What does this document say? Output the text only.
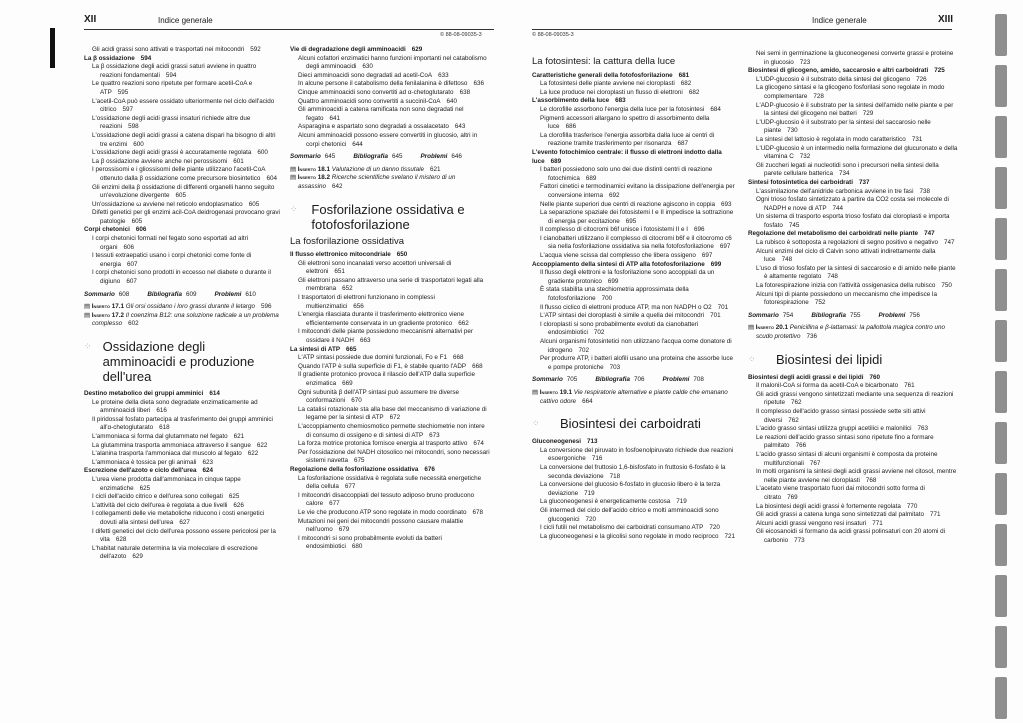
XII	Indice generale
© 88-08-09035-3
Gli acidi grassi sono attivati e trasportati nei mitocondri 592
La β ossidazione 594
La β ossidazione degli acidi grassi saturi avviene in quattro reazioni fondamentali 594
Le quattro reazioni sono ripetute per formare acetil-CoA e ATP 595
L'acetil-CoA può essere ossidato ulteriormente nel ciclo dell'acido citrico 597
L'ossidazione degli acidi grassi insaturi richiede altre due reazioni 598
L'ossidazione degli acidi grassi a catena dispari ha bisogno di altri tre enzimi 600
L'ossidazione degli acidi grassi è accuratamente regolata 600
La β ossidazione avviene anche nei perossisomi 601
I perossisomi e i gliossisomi delle piante utilizzano l'acetil-CoA ottenuto dalla β ossidazione come precursore biosintetico 604
Gli enzimi della β ossidazione di differenti organelli hanno seguito un'evoluzione divergente 605
Un'ossidazione ω avviene nel reticolo endoplasmatico 605
Difetti genetici per gli enzimi acil-CoA deidrogenasi provocano gravi patologie 605
Corpi chetonici 606
I corpi chetonici formati nel fegato sono esportati ad altri organi 606
I tessuti extraepatici usano i corpi chetonici come fonte di energia 607
I corpi chetonici sono prodotti in eccesso nel diabete o durante il digiuno 607
Sommario 608	Bibliografia 609	Problemi 610
▤ Inserto 17.1 Gli orsi ossidano i loro grassi durante il letargo 596
▤ Inserto 17.2 Il coenzima B12: una soluzione radicale a un problema complesso 602
⁘ Ossidazione degli amminoacidi e produzione dell'urea
Destino metabolico dei gruppi amminici 614
Le proteine della dieta sono degradate enzimaticamente ad amminoacidi liberi 616
Il piridossal fosfato partecipa al trasferimento dei gruppi amminici all'α-chetoglutarato 618
L'ammoniaca si forma dal glutammato nel fegato 621
La glutammina trasporta ammoniaca attraverso il sangue 622
L'alanina trasporta l'ammoniaca dal muscolo al fegato 622
L'ammoniaca è tossica per gli animali 623
Escrezione dell'azoto e ciclo dell'urea 624
L'urea viene prodotta dall'ammoniaca in cinque tappe enzimatiche 625
I cicli dell'acido citrico e dell'urea sono collegati 625
L'attività del ciclo dell'urea è regolata a due livelli 626
I collegamenti delle vie metaboliche riducono i costi energetici dovuti alla sintesi dell'urea 627
I difetti genetici del ciclo dell'urea possono essere pericolosi per la vita 628
L'habitat naturale determina la via molecolare di escrezione dell'azoto 629
Vie di degradazione degli amminoacidi 629
Alcuni cofattori enzimatici hanno funzioni importanti nel catabolismo degli amminoacidi 630
Dieci amminoacidi sono degradati ad acetil-CoA 633
In alcune persone il catabolismo della fenilalanina è difettoso 636
Cinque amminoacidi sono convertiti ad α-chetoglutarato 638
Quattro amminoacidi sono convertiti a succinil-CoA 640
Gli amminoacidi a catena ramificata non sono degradati nel fegato 641
Asparagina e aspartato sono degradati a ossalacetato 643
Alcuni amminoacidi possono essere convertiti in glucosio, altri in corpi chetonici 644
Sommario 645	Bibliografia 645	Problemi 646
▤ Inserto 18.1 Valutazione di un danno tissutale 621
▤ Inserto 18.2 Ricerche scientifiche svelano il mistero di un assassino 642
⁘	Fosforilazione ossidativa e fotofosforilazione
La fosforilazione ossidativa
Il flusso elettronico mitocondriale 650
Gli elettroni sono incanalati verso accettori universali di elettroni 651
Gli elettroni passano attraverso una serie di trasportatori legati alla membrana 652
I trasportatori di elettroni funzionano in complessi multienzimatici 656
L'energia rilasciata durante il trasferimento elettronico viene efficientemente conservata in un gradiente protonico 662
I mitocondri delle piante possiedono meccanismi alternativi per ossidare il NADH 663
La sintesi di ATP 665
L'ATP sintasi possiede due domini funzionali, Fo e F1 668
Quando l'ATP è sulla superficie di F1, è stabile quanto l'ADP 668
Il gradiente protonico provoca il rilascio dell'ATP dalla superficie enzimatica 669
Ogni subunità β dell'ATP sintasi può assumere tre diverse conformazioni 670
La catalisi rotazionale sta alla base del meccanismo di variazione di legame per la sintesi di ATP 672
L'accoppiamento chemiosmotico permette stechiometrie non intere di consumo di ossigeno e di sintesi di ATP 673
La forza motrice protonica fornisce energia al trasporto attivo 674
Per l'ossidazione del NADH citosolico nei mitocondri, sono necessari sistemi navetta 675
Regolazione della fosforilazione ossidativa 676
La fosforilazione ossidativa è regolata sulle necessità energetiche della cellula 677
I mitocondri disaccoppiati del tessuto adiposo bruno producono calore 677
Le vie che producono ATP sono regolate in modo coordinato 678
Mutazioni nei geni dei mitocondri possono causare malattie nell'uomo 679
I mitocondri si sono probabilmente evoluti da batteri endosimbiotici 680
© 88-08-09035-3
Indice generale	XIII
La fotosintesi: la cattura della luce
Caratteristiche generali della fotofosforilazione 681
La fotosintesi delle piante avviene nei cloroplasti 682
La luce produce nei cloroplasti un flusso di elettroni 682
L'assorbimento della luce 683
Le clorofille assorbono l'energia della luce per la fotosintesi 684
Pigmenti accessori allargano lo spettro di assorbimento della luce 686
La clorofilla trasferisce l'energia assorbita dalla luce ai centri di reazione tramite trasferimento per risonanza 687
L'evento fotochimico centrale: il flusso di elettroni indotto dalla luce 689
I batteri possiedono solo uno dei due distinti centri di reazione fotochimica 689
Fattori cinetici e termodinamici evitano la dissipazione dell'energia per conversione interna 692
Nelle piante superiori due centri di reazione agiscono in coppia 693
La separazione spaziale dei fotosistemi I e II impedisce la sottrazione di energia per eccitazione 695
Il complesso di citocromi b6f unisce i fotosistemi II e I 696
I cianobatteri utilizzano il complesso di citocromi b6f e il citocromo c6 sia nella fosforilazione ossidativa sia nella fotofosforilazione 697
L'acqua viene scissa dal complesso che libera ossigeno 697
Accoppiamento della sintesi di ATP alla fotofosforilazione 699
Il flusso degli elettroni e la fosforilazione sono accoppiati da un gradiente protonico 699
È stata stabilita una stechiometria approssimata della fotofosforilazione 700
Il flusso ciclico di elettroni produce ATP, ma non NADPH o O2 701
L'ATP sintasi dei cloroplasti è simile a quella dei mitocondri 701
I cloroplasti si sono probabilmente evoluti da cianobatteri endosimbiotici 702
Alcuni organismi fotosintetici non utilizzano l'acqua come donatore di idrogeno 702
Per produrre ATP, i batteri alofili usano una proteina che assorbe luce e pompe protoniche 703
Sommario 705	Bibliografia 706	Problemi 708
▤ Inserto 19.1 Vie respiratorie alternative e piante calde che emanano cattivo odore 664
⁘	Biosintesi dei carboidrati
Gluconeogenesi 713
La conversione del piruvato in fosfoenolpiruvato richiede due reazioni esoergoniche 716
La conversione del fruttosio 1,6-bisfosfato in fruttosio 6-fosfato è la seconda deviazione 718
La conversione del glucosio 6-fosfato in glucosio libero è la terza deviazione 719
La gluconeogenesi è energeticamente costosa 719
Gli intermedi del ciclo dell'acido citrico e molti amminoacidi sono glucogenici 720
I cicli futili nel metabolismo dei carboidrati consumano ATP 720
La gluconeogenesi e la glicolisi sono regolate in modo reciproco 721
Nei semi in germinazione la gluconeogenesi converte grassi e proteine in glucosio 723
Biosintesi di glicogeno, amido, saccarosio e altri carboidrati 725
L'UDP-glucosio è il substrato della sintesi del glicogeno 726
La glicogeno sintasi e la glicogeno fosforilasi sono regolate in modo complementare 728
L'ADP-glucosio è il substrato per la sintesi dell'amido nelle piante e per la sintesi del glicogeno nei batteri 729
L'UDP-glucosio è il substrato per la sintesi del saccarosio nelle piante 730
La sintesi del lattosio è regolata in modo caratteristico 731
L'UDP-glucosio è un intermedio nella formazione del glucuronato e della vitamina C 732
Gli zuccheri legati ai nucleotidi sono i precursori nella sintesi della parete cellulare batterica 734
Sintesi fotosintetica dei carboidrati 737
L'assimilazione dell'anidride carbonica avviene in tre fasi 738
Ogni trioso fosfato sintetizzato a partire da CO2 costa sei molecole di NADPH e nove di ATP 744
Un sistema di trasporto esporta trioso fosfato dai cloroplasti e importa fosfato 745
Regolazione del metabolismo dei carboidrati nelle piante 747
La rubisco è sottoposta a regolazioni di segno positivo e negativo 747
Alcuni enzimi del ciclo di Calvin sono attivati indirettamente dalla luce 748
L'uso di trioso fosfato per la sintesi di saccarosio e di amido nelle piante è altamente regolato 748
La fotorespirazione inizia con l'attività ossigenasica della rubisco 750
Alcuni tipi di piante possiedono un meccanismo che impedisce la fotorespirazione 752
Sommario 754	Bibliografia 755	Problemi 756
▤ Inserto 20.1 Penicillina e β-lattamasi: la pallottola magica contro uno scudo protettivo 736
⁘	Biosintesi dei lipidi
Biosintesi degli acidi grassi e dei lipidi 760
Il malonil-CoA si forma da acetil-CoA e bicarbonato 761
Gli acidi grassi vengono sintetizzati mediante una sequenza di reazioni ripetute 762
Il complesso dell'acido grasso sintasi possiede sette siti attivi diversi 762
L'acido grasso sintasi utilizza gruppi acetilici e malonilici 763
Le reazioni dell'acido grasso sintasi sono ripetute fino a formare palmitato 766
L'acido grasso sintasi di alcuni organismi è composta da proteine multifunzionali 767
In molti organismi la sintesi degli acidi grassi avviene nel citosol, mentre nelle piante avviene nei cloroplasti 768
L'acetato viene trasportato fuori dai mitocondri sotto forma di citrato 769
La biosintesi degli acidi grassi è fortemente regolata 770
Gli acidi grassi a catena lunga sono sintetizzati dal palmitato 771
Alcuni acidi grassi vengono resi insaturi 771
Gli eicosanoidi si formano da acidi grassi polinsaturi con 20 atomi di carbonio 773
